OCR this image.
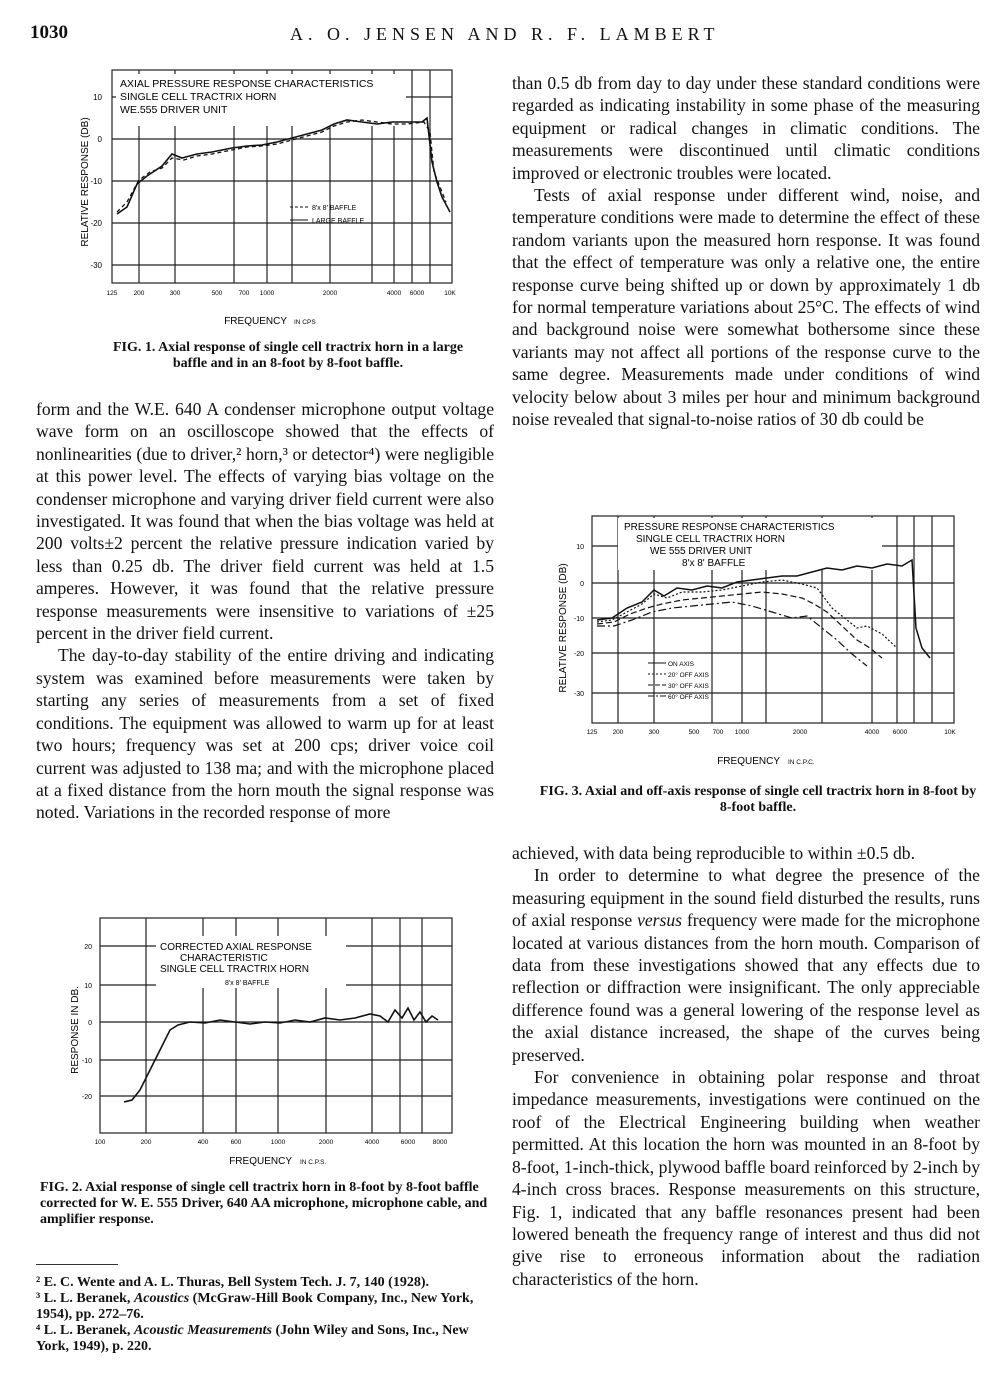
1030	A. O. JENSEN AND R. F. LAMBERT
AXIAL PRESSURE RESPONSE CHARACTERISTICS
SINGLE CELL TRACTRIX HORN
WE.555 DRIVER UNIT
8'x 8' BAFFLE
LARGE BAFFLE
10
0
-10
-20
-30
RELATIVE RESPONSE (DB)
125 200	300	500 700 1000	2000	4000 6000	10K
FREQUENCY IN CPS
FIG. 1. Axial response of single cell tractrix horn in a large baffle and in an 8-foot by 8-foot baffle.

form and the W.E. 640 A condenser microphone output voltage wave form on an oscilloscope showed that the effects of nonlinearities (due to driver,² horn,³ or detector⁴) were negligible at this power level. The effects of varying bias voltage on the condenser microphone and varying driver field current were also investigated. It was found that when the bias voltage was held at 200 volts±2 percent the relative pressure indication varied by less than 0.25 db. The driver field current was held at 1.5 amperes. However, it was found that the relative pressure response measurements were insensitive to variations of ±25 percent in the driver field current.

The day-to-day stability of the entire driving and indicating system was examined before measurements were taken by starting any series of measurements from a set of fixed conditions. The equipment was allowed to warm up for at least two hours; frequency was set at 200 cps; driver voice coil current was adjusted to 138 ma; and with the microphone placed at a fixed distance from the horn mouth the signal response was noted. Variations in the recorded response of more

CORRECTED AXIAL RESPONSE
CHARACTERISTIC
SINGLE CELL TRACTRIX HORN
8'x 8' BAFFLE
20
10
0
-10
-20
RESPONSE IN DB.
100	200	400	600	1000	2000	4000	6000	8000
FREQUENCY IN C.P.S.
FIG. 2. Axial response of single cell tractrix horn in 8-foot by 8-foot baffle corrected for W. E. 555 Driver, 640 AA microphone, microphone cable, and amplifier response.
² E. C. Wente and A. L. Thuras, Bell System Tech. J. 7, 140 (1928).
³ L. L. Beranek, Acoustics (McGraw-Hill Book Company, Inc., New York, 1954), pp. 272–76.
⁴ L. L. Beranek, Acoustic Measurements (John Wiley and Sons, Inc., New York, 1949), p. 220.

than 0.5 db from day to day under these standard conditions were regarded as indicating instability in some phase of the measuring equipment or radical changes in climatic conditions. The measurements were discontinued until climatic conditions improved or electronic troubles were located.

Tests of axial response under different wind, noise, and temperature conditions were made to determine the effect of these random variants upon the measured horn response. It was found that the effect of temperature was only a relative one, the entire response curve being shifted up or down by approximately 1 db for normal temperature variations about 25°C. The effects of wind and background noise were somewhat bothersome since these variants may not affect all portions of the response curve to the same degree. Measurements made under conditions of wind velocity below about 3 miles per hour and minimum background noise revealed that signal-to-noise ratios of 30 db could be

PRESSURE RESPONSE CHARACTERISTICS
SINGLE CELL TRACTRIX HORN
WE 555 DRIVER UNIT
8'x 8' BAFFLE
ON AXIS
20° OFF AXIS
30° OFF AXIS
60° OFF AXIS
10
0
-10
-20
-30
RELATIVE RESPONSE (DB)
125 200	300	500 700 1000	2000	4000 6000	10K
FREQUENCY IN C.P.C.
FIG. 3. Axial and off-axis response of single cell tractrix horn in 8-foot by 8-foot baffle.

achieved, with data being reproducible to within ±0.5 db.

In order to determine to what degree the presence of the measuring equipment in the sound field disturbed the results, runs of axial response versus frequency were made for the microphone located at various distances from the horn mouth. Comparison of data from these investigations showed that any effects due to reflection or diffraction were insignificant. The only appreciable difference found was a general lowering of the response level as the axial distance increased, the shape of the curves being preserved.

For convenience in obtaining polar response and throat impedance measurements, investigations were continued on the roof of the Electrical Engineering building when weather permitted. At this location the horn was mounted in an 8-foot by 8-foot, 1-inch-thick, plywood baffle board reinforced by 2-inch by 4-inch cross braces. Response measurements on this structure, Fig. 1, indicated that any baffle resonances present had been lowered beneath the frequency range of interest and thus did not give rise to erroneous information about the radiation characteristics of the horn.
